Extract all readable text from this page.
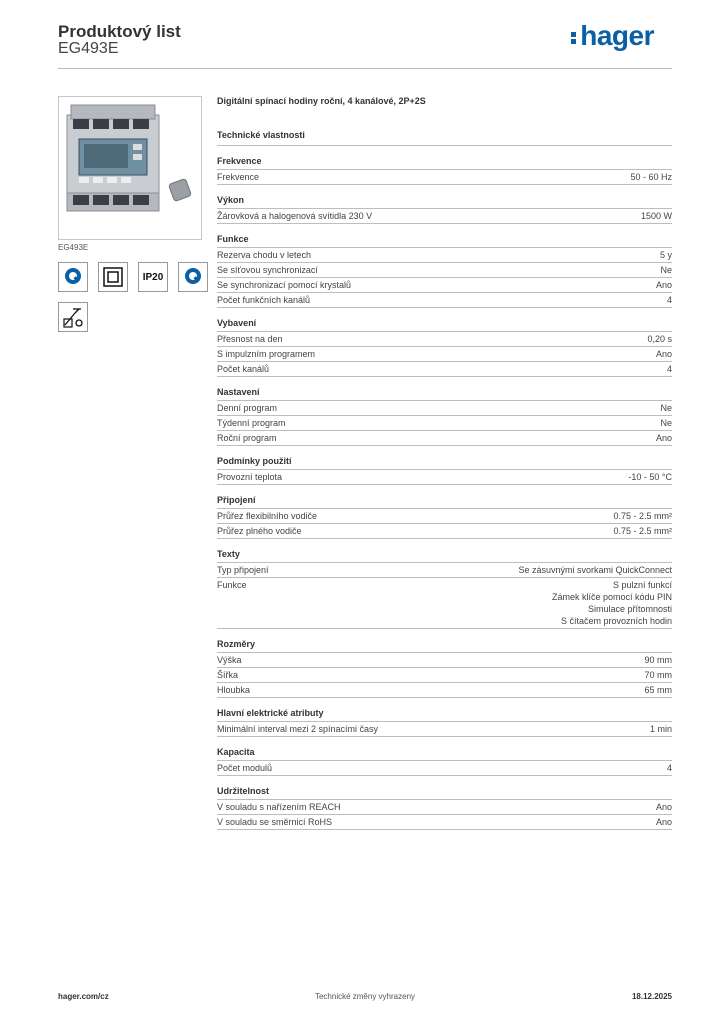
Produktový list
EG493E	hager
EG493E
IP20
Digitální spínací hodiny roční, 4 kanálové, 2P+2S
Technické vlastnosti
Frekvence
Frekvence	50 - 60 Hz
Výkon
Žárovková a halogenová svítidla 230 V	1500 W
Funkce
Rezerva chodu v letech	5 y
Se síťovou synchronizací	Ne
Se synchronizací pomocí krystalů	Ano
Počet funkčních kanálů	4
Vybavení
Přesnost na den	0,20 s
S impulzním programem	Ano
Počet kanálů	4
Nastavení
Denní program	Ne
Týdenní program	Ne
Roční program	Ano
Podmínky použití
Provozní teplota	-10 - 50 °C
Připojení
Průřez flexibilního vodiče	0.75 - 2.5 mm²
Průřez plného vodiče	0.75 - 2.5 mm²
Texty
Typ připojení	Se zásuvnými svorkami QuickConnect
Funkce	S pulzní funkcí
Zámek klíče pomocí kódu PIN
Simulace přítomnosti
S čítačem provozních hodin
Rozměry
Výška	90 mm
Šířka	70 mm
Hloubka	65 mm
Hlavní elektrické atributy
Minimální interval mezi 2 spínacími časy	1 min
Kapacita
Počet modulů	4
Udržitelnost
V souladu s nařízením REACH	Ano
V souladu se směrnicí RoHS	Ano
hager.com/cz	Technické změny vyhrazeny	18.12.2025
